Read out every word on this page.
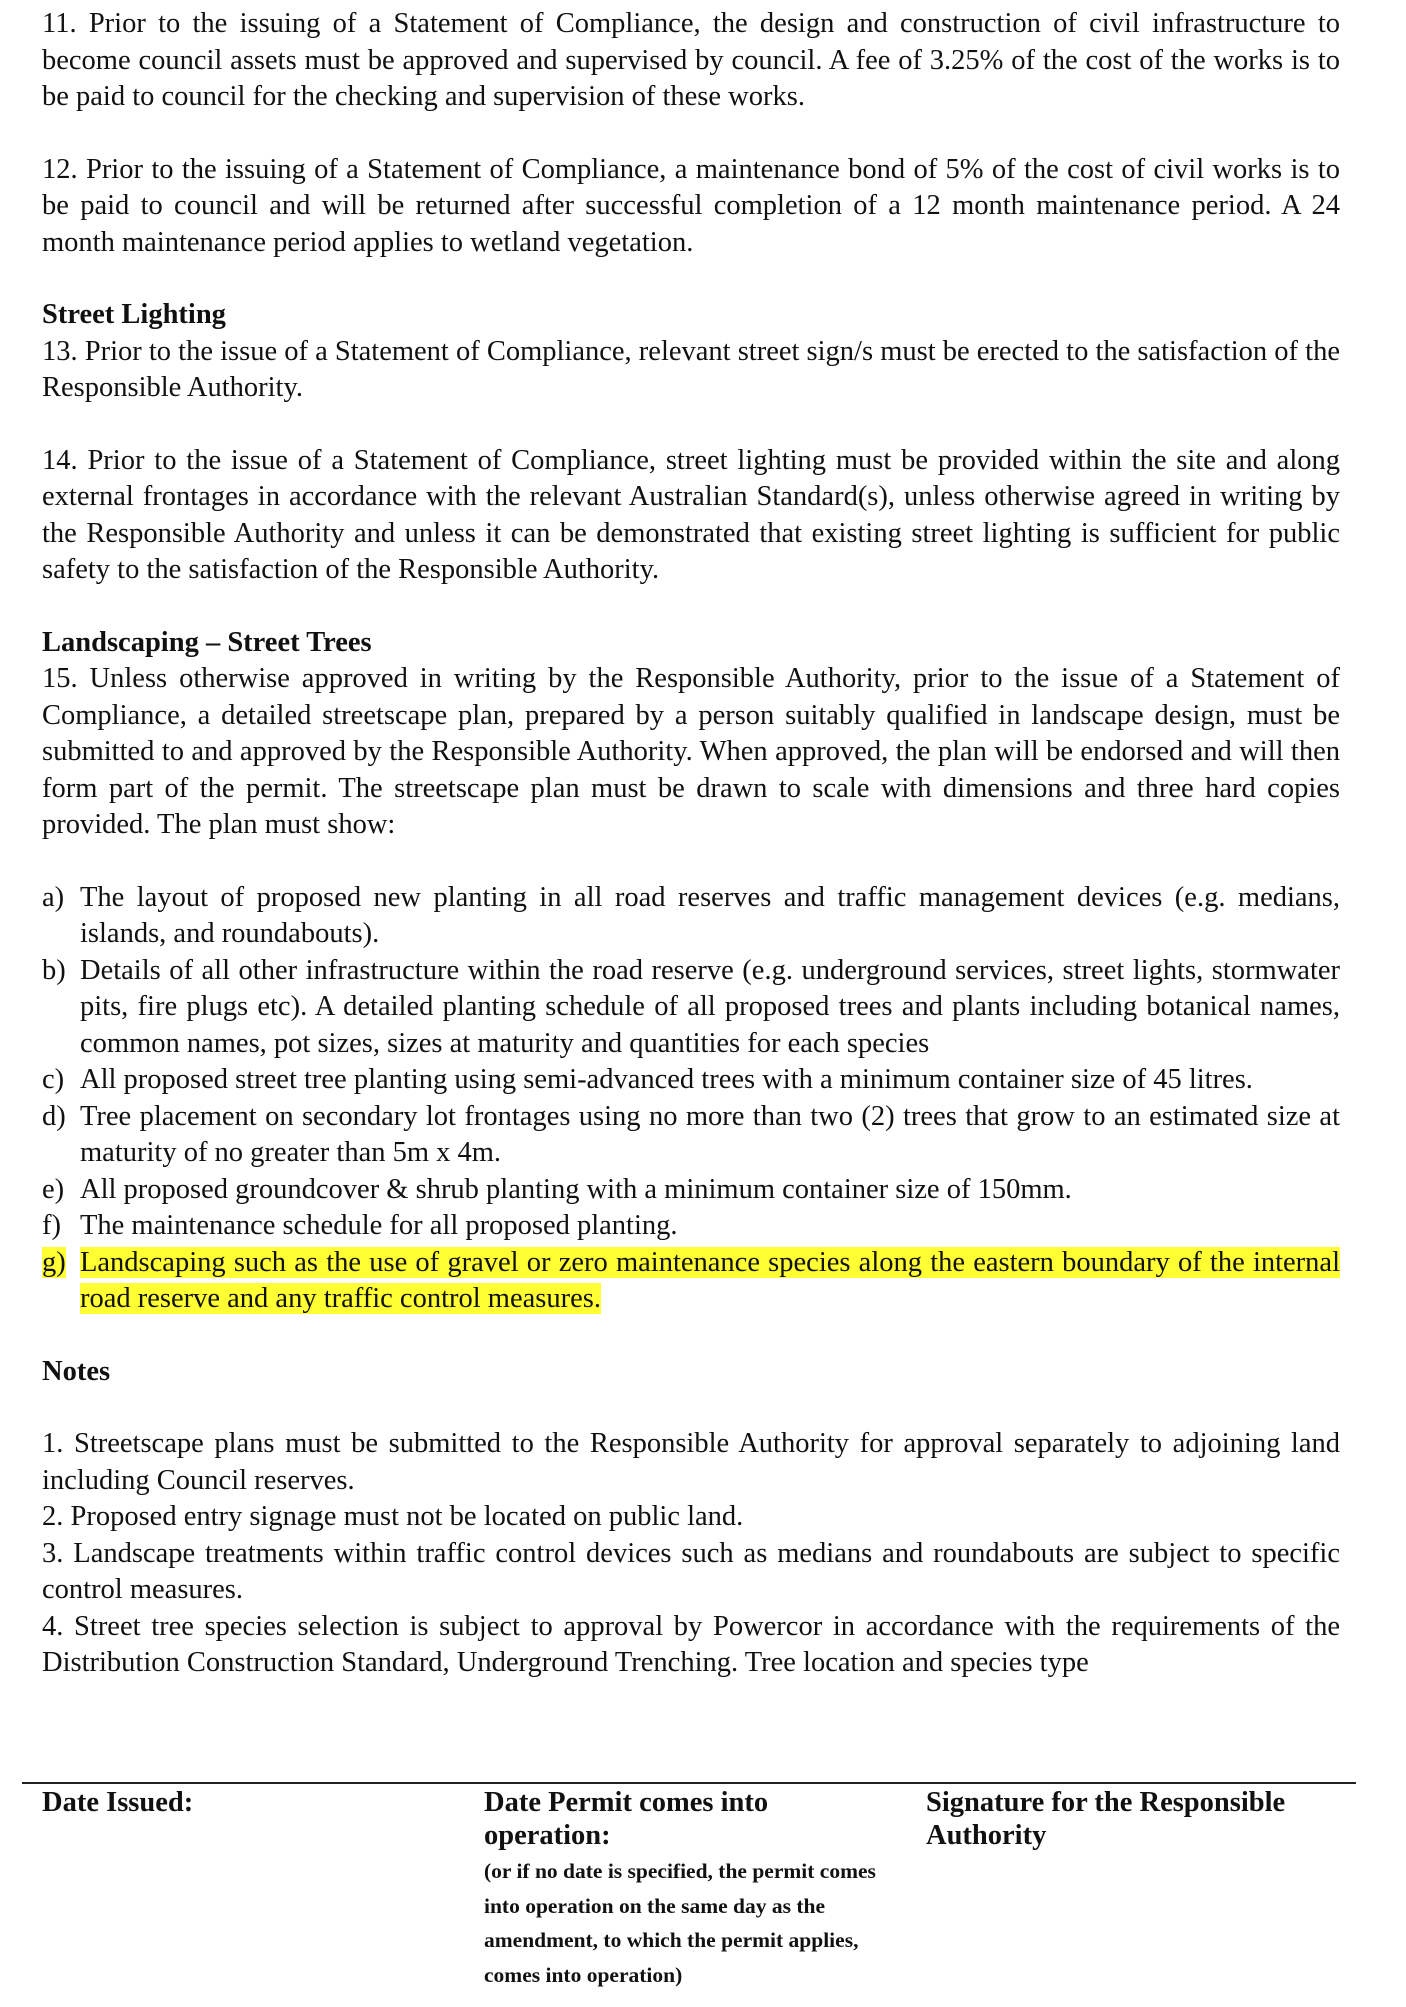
11. Prior to the issuing of a Statement of Compliance, the design and construction of civil infrastructure to become council assets must be approved and supervised by council. A fee of 3.25% of the cost of the works is to be paid to council for the checking and supervision of these works.

12. Prior to the issuing of a Statement of Compliance, a maintenance bond of 5% of the cost of civil works is to be paid to council and will be returned after successful completion of a 12 month maintenance period. A 24 month maintenance period applies to wetland vegetation.

Street Lighting

13. Prior to the issue of a Statement of Compliance, relevant street sign/s must be erected to the satisfaction of the Responsible Authority.

14. Prior to the issue of a Statement of Compliance, street lighting must be provided within the site and along external frontages in accordance with the relevant Australian Standard(s), unless otherwise agreed in writing by the Responsible Authority and unless it can be demonstrated that existing street lighting is sufficient for public safety to the satisfaction of the Responsible Authority.

Landscaping – Street Trees

15. Unless otherwise approved in writing by the Responsible Authority, prior to the issue of a Statement of Compliance, a detailed streetscape plan, prepared by a person suitably qualified in landscape design, must be submitted to and approved by the Responsible Authority. When approved, the plan will be endorsed and will then form part of the permit. The streetscape plan must be drawn to scale with dimensions and three hard copies provided. The plan must show:

a) The layout of proposed new planting in all road reserves and traffic management devices (e.g. medians, islands, and roundabouts).
b) Details of all other infrastructure within the road reserve (e.g. underground services, street lights, stormwater pits, fire plugs etc). A detailed planting schedule of all proposed trees and plants including botanical names, common names, pot sizes, sizes at maturity and quantities for each species
c) All proposed street tree planting using semi-advanced trees with a minimum container size of 45 litres.
d) Tree placement on secondary lot frontages using no more than two (2) trees that grow to an estimated size at maturity of no greater than 5m x 4m.
e) All proposed groundcover & shrub planting with a minimum container size of 150mm.
f) The maintenance schedule for all proposed planting.
g) Landscaping such as the use of gravel or zero maintenance species along the eastern boundary of the internal road reserve and any traffic control measures.

Notes

1. Streetscape plans must be submitted to the Responsible Authority for approval separately to adjoining land including Council reserves.

2. Proposed entry signage must not be located on public land.

3. Landscape treatments within traffic control devices such as medians and roundabouts are subject to specific control measures.

4. Street tree species selection is subject to approval by Powercor in accordance with the requirements of the Distribution Construction Standard, Underground Trenching. Tree location and species type

Date Issued:	Date Permit comes into operation:
(or if no date is specified, the permit comes into operation on the same day as the amendment, to which the permit applies, comes into operation)
Signature for the Responsible Authority
